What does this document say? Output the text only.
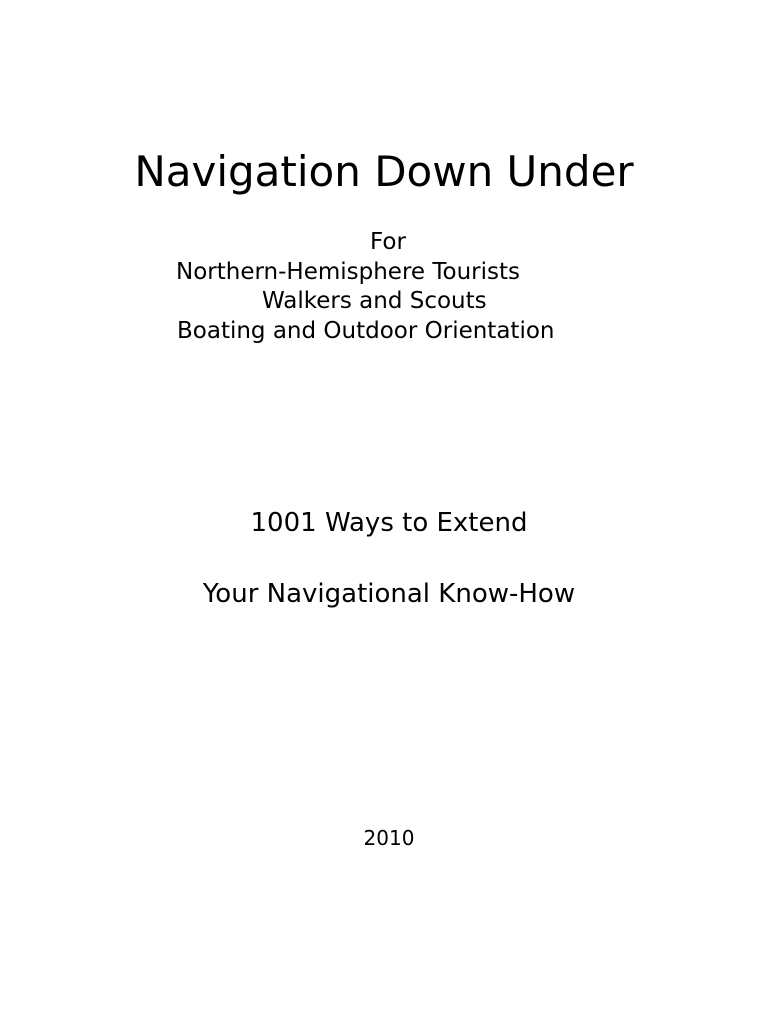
Navigation Down Under
For
Northern-Hemisphere Tourists
Walkers and Scouts
Boating and Outdoor Orientation
1001 Ways to Extend
Your Navigational Know-How
2010
